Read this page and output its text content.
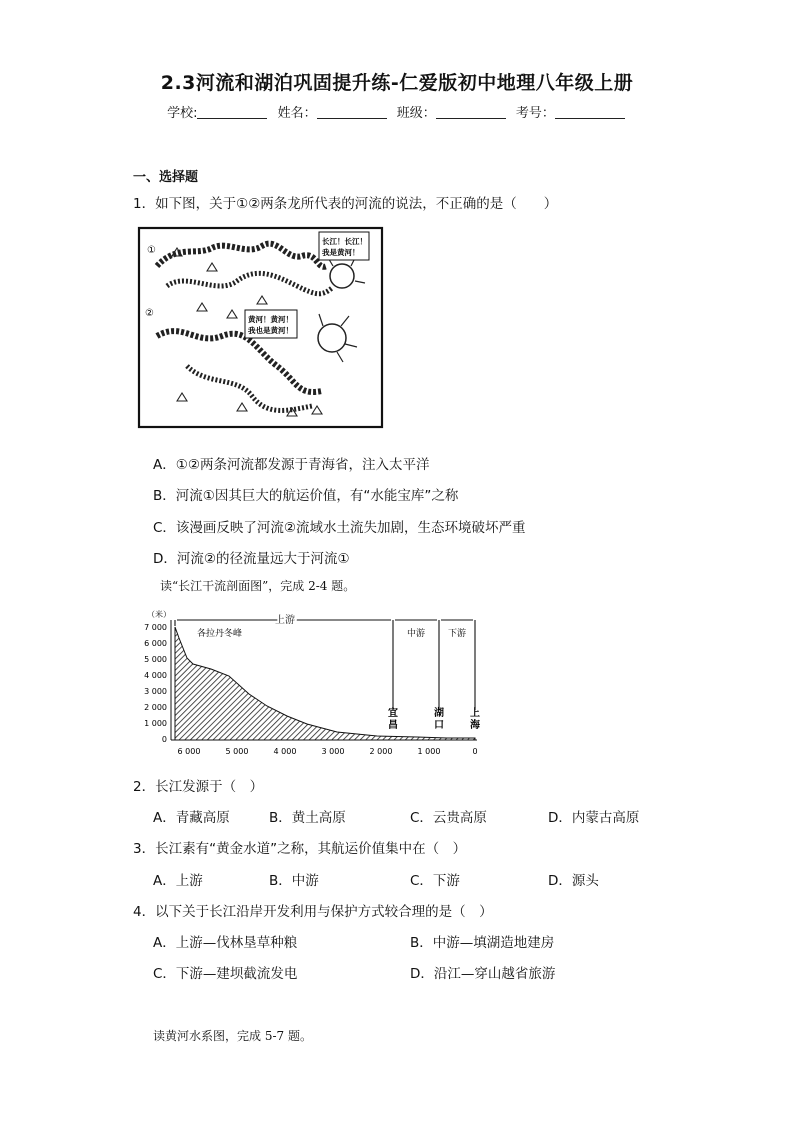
2.3河流和湖泊巩固提升练-仁爱版初中地理八年级上册
学校:	姓名：	班级：	考号：
一、选择题
1．如下图，关于①②两条龙所代表的河流的说法，不正确的是（　　）
①
②
长江！长江！
我是黄河！
黄河！黄河！
我也是黄河！
A．①②两条河流都发源于青海省，注入太平洋
B．河流①因其巨大的航运价值，有“水能宝库”之称
C．该漫画反映了河流②流域水土流失加剧，生态环境破坏严重
D．河流②的径流量远大于河流①
读“长江干流剖面图”，完成 2-4 题。
（米）
7 000
6 000
5 000
4 000
3 000
2 000
1 000
0
6 000	5 000	4 000	3 000	2 000	1 000	0
上游
中游	下游
各拉丹冬峰
宜
昌
湖
口
上
海
2．长江发源于（　）
A．青藏高原	B．黄土高原	C．云贵高原	D．内蒙古高原
3．长江素有“黄金水道”之称，其航运价值集中在（　）
A．上游	B．中游	C．下游	D．源头
4．以下关于长江沿岸开发利用与保护方式较合理的是（　）
A．上游—伐林垦草种粮	B．中游—填湖造地建房
C．下游—建坝截流发电	D．沿江—穿山越省旅游
读黄河水系图，完成 5-7 题。
